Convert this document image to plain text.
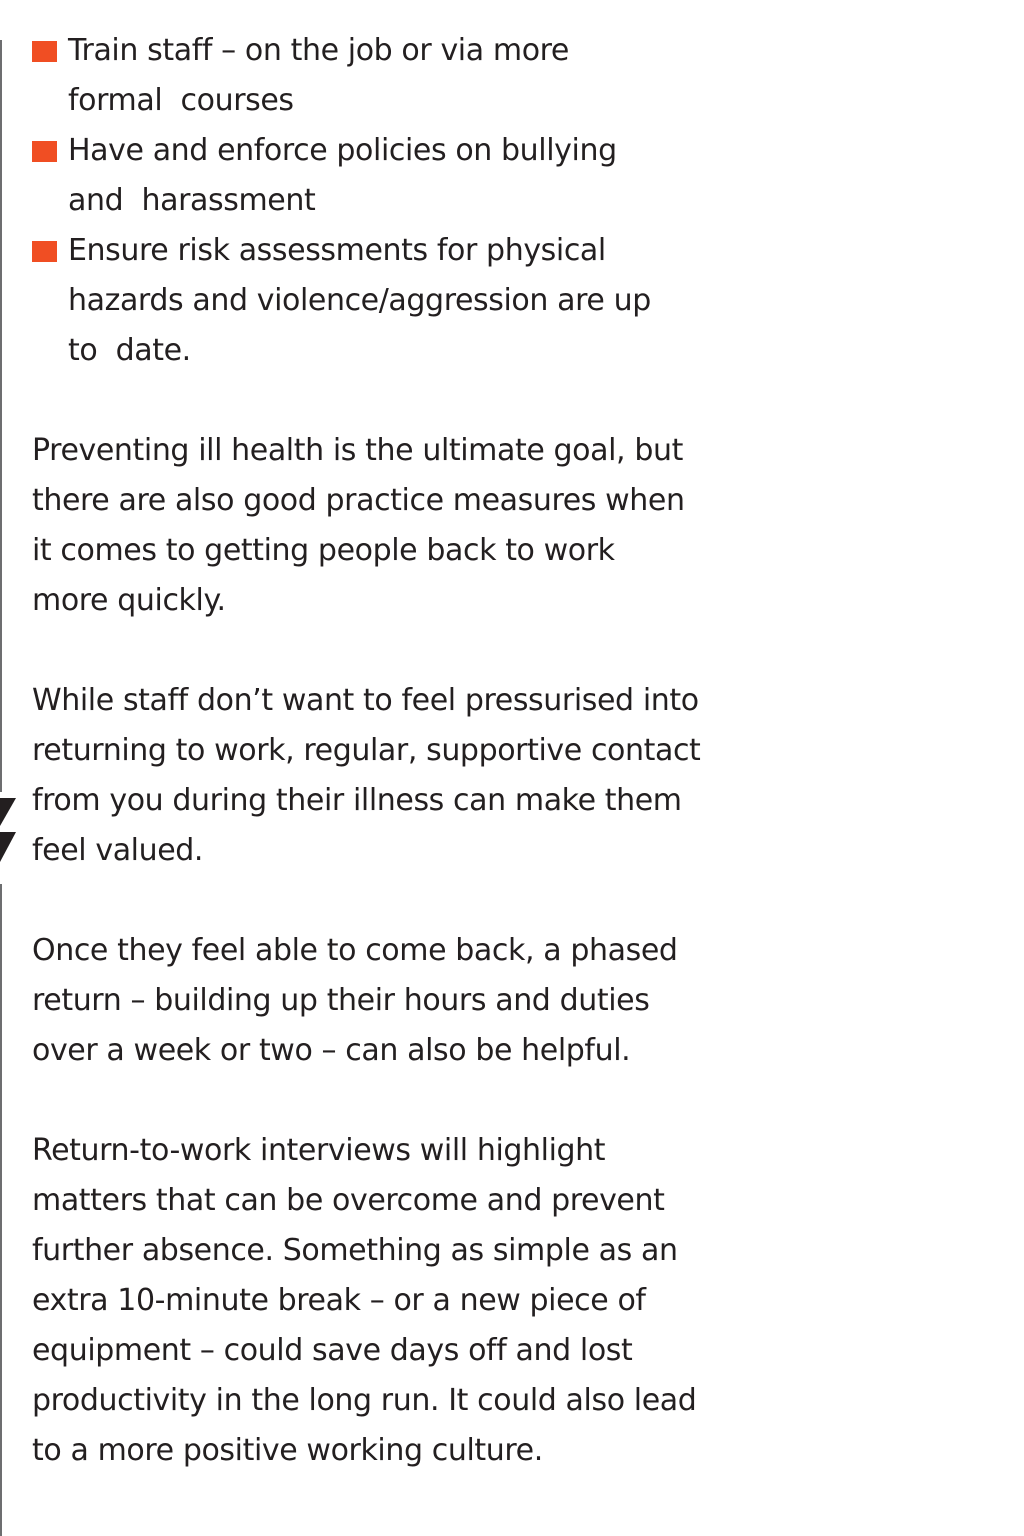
Train staff – on the job or via more
formal  courses
Have and enforce policies on bullying
and  harassment
Ensure risk assessments for physical
hazards and violence/aggression are up
to  date.

Preventing ill health is the ultimate goal, but
there are also good practice measures when
it comes to getting people back to work
more quickly.

While staff don’t want to feel pressurised into
returning to work, regular, supportive contact
from you during their illness can make them
feel valued.

Once they feel able to come back, a phased
return – building up their hours and duties
over a week or two – can also be helpful.

Return-to-work interviews will highlight
matters that can be overcome and prevent
further absence. Something as simple as an
extra 10-minute break – or a new piece of
equipment – could save days off and lost
productivity in the long run. It could also lead
to a more positive working culture.
